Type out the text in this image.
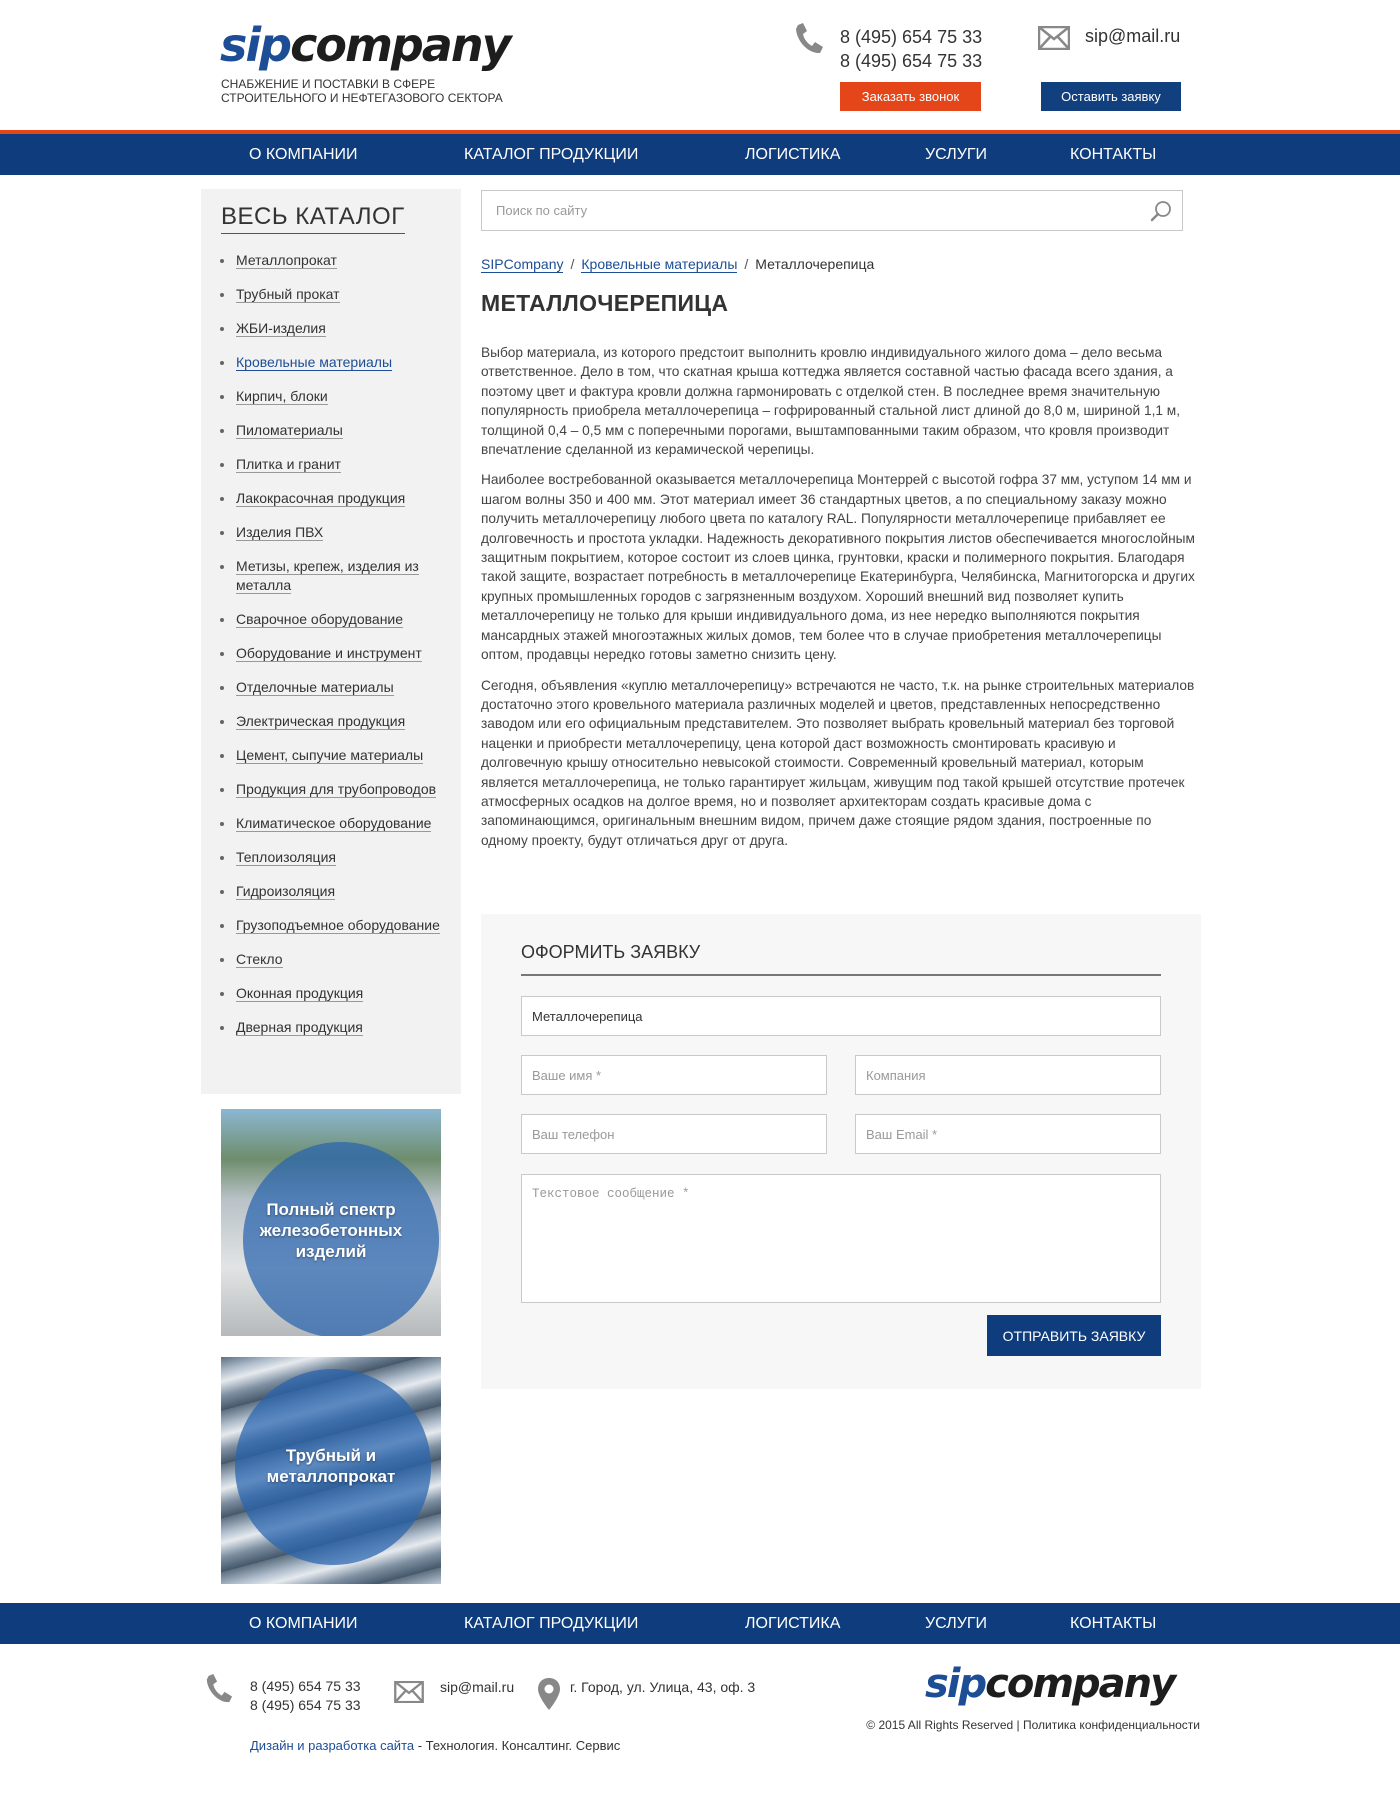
sip company
СНАБЖЕНИЕ И ПОСТАВКИ В СФЕРЕ
СТРОИТЕЛЬНОГО И НЕФТЕГАЗОВОГО СЕКТОРА
8 (495) 654 75 33
8 (495) 654 75 33
sip@mail.ru
Заказать звонок	Оставить заявку
О КОМПАНИИ	КАТАЛОГ ПРОДУКЦИИ	ЛОГИСТИКА	УСЛУГИ	КОНТАКТЫ
ВЕСЬ КАТАЛОГ
Металлопрокат
Трубный прокат
ЖБИ-изделия
Кровельные материалы
Кирпич, блоки
Пиломатериалы
Плитка и гранит
Лакокрасочная продукция
Изделия ПВХ
Метизы, крепеж, изделия из металла
Сварочное оборудование
Оборудование и инструмент
Отделочные материалы
Электрическая продукция
Цемент, сыпучие материалы
Продукция для трубопроводов
Климатическое оборудование
Теплоизоляция
Гидроизоляция
Грузоподъемное оборудование
Стекло
Оконная продукция
Дверная продукция
Полный спектр железобетонных изделий
Трубный и металлопрокат
Поиск по сайту
SIPCompany / Кровельные материалы / Металлочерепица
МЕТАЛЛОЧЕРЕПИЦА

Выбор материала, из которого предстоит выполнить кровлю индивидуального жилого дома – дело весьма ответственное. Дело в том, что скатная крыша коттеджа является составной частью фасада всего здания, а поэтому цвет и фактура кровли должна гармонировать с отделкой стен. В последнее время значительную популярность приобрела металлочерепица – гофрированный стальной лист длиной до 8,0 м, шириной 1,1 м, толщиной 0,4 – 0,5 мм с поперечными порогами, выштампованными таким образом, что кровля производит впечатление сделанной из керамической черепицы.

Наиболее востребованной оказывается металлочерепица Монтеррей с высотой гофра 37 мм, уступом 14 мм и шагом волны 350 и 400 мм. Этот материал имеет 36 стандартных цветов, а по специальному заказу можно получить металлочерепицу любого цвета по каталогу RAL. Популярности металлочерепице прибавляет ее долговечность и простота укладки. Надежность декоративного покрытия листов обеспечивается многослойным защитным покрытием, которое состоит из слоев цинка, грунтовки, краски и полимерного покрытия. Благодаря такой защите, возрастает потребность в металлочерепице Екатеринбурга, Челябинска, Магнитогорска и других крупных промышленных городов с загрязненным воздухом. Хороший внешний вид позволяет купить металлочерепицу не только для крыши индивидуального дома, из нее нередко выполняются покрытия мансардных этажей многоэтажных жилых домов, тем более что в случае приобретения металлочерепицы оптом, продавцы нередко готовы заметно снизить цену.

Сегодня, объявления «куплю металлочерепицу» встречаются не часто, т.к. на рынке строительных материалов достаточно этого кровельного материала различных моделей и цветов, представленных непосредственно заводом или его официальным представителем. Это позволяет выбрать кровельный материал без торговой наценки и приобрести металлочерепицу, цена которой даст возможность смонтировать красивую и долговечную крышу относительно невысокой стоимости. Современный кровельный материал, которым является металлочерепица, не только гарантирует жильцам, живущим под такой крышей отсутствие протечек атмосферных осадков на долгое время, но и позволяет архитекторам создать красивые дома с запоминающимся, оригинальным внешним видом, причем даже стоящие рядом здания, построенные по одному проекту, будут отличаться друг от друга.

ОФОРМИТЬ ЗАЯВКУ
Металлочерепица
Ваше имя *
Компания
Ваш телефон
Ваш Email *
Текстовое сообщение *
ОТПРАВИТЬ ЗАЯВКУ
О КОМПАНИИ	КАТАЛОГ ПРОДУКЦИИ	ЛОГИСТИКА	УСЛУГИ	КОНТАКТЫ
8 (495) 654 75 33
8 (495) 654 75 33
sip@mail.ru	г. Город, ул. Улица, 43, оф. 3	sip company
© 2015 All Rights Reserved | Политика конфиденциальности
Дизайн и разработка сайта - Технология. Консалтинг. Сервис
